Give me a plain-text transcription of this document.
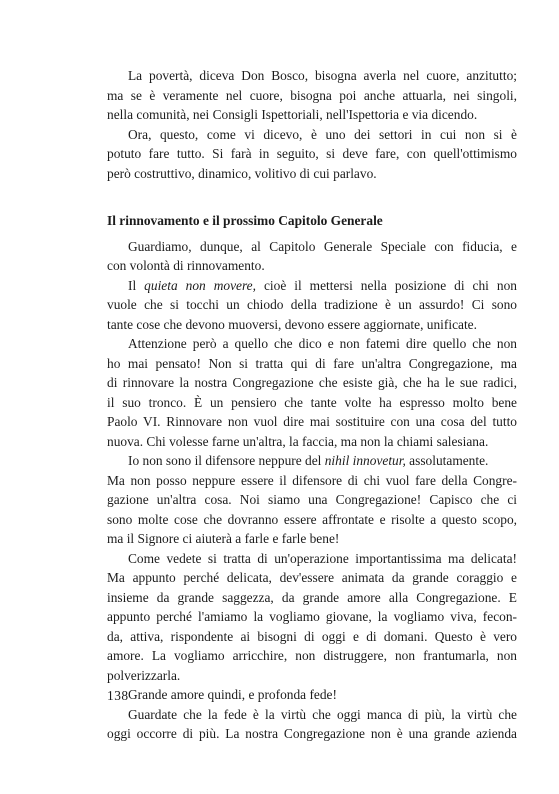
La povertà, diceva Don Bosco, bisogna averla nel cuore, anzitutto;
ma se è veramente nel cuore, bisogna poi anche attuarla, nei singoli,
nella comunità, nei Consigli Ispettoriali, nell'Ispettoria e via dicendo.
Ora, questo, come vi dicevo, è uno dei settori in cui non si è
potuto fare tutto. Si farà in seguito, si deve fare, con quell'ottimismo
però costruttivo, dinamico, volitivo di cui parlavo.
Il rinnovamento e il prossimo Capitolo Generale
Guardiamo, dunque, al Capitolo Generale Speciale con fiducia, e
con volontà di rinnovamento.
Il quieta non movere, cioè il mettersi nella posizione di chi non
vuole che si tocchi un chiodo della tradizione è un assurdo! Ci sono
tante cose che devono muoversi, devono essere aggiornate, unificate.
Attenzione però a quello che dico e non fatemi dire quello che non
ho mai pensato! Non si tratta qui di fare un'altra Congregazione, ma
di rinnovare la nostra Congregazione che esiste già, che ha le sue radici,
il suo tronco. È un pensiero che tante volte ha espresso molto bene
Paolo VI. Rinnovare non vuol dire mai sostituire con una cosa del tutto
nuova. Chi volesse farne un'altra, la faccia, ma non la chiami salesiana.
Io non sono il difensore neppure del nihil innovetur, assolutamente.
Ma non posso neppure essere il difensore di chi vuol fare della Congre-
gazione un'altra cosa. Noi siamo una Congregazione! Capisco che ci
sono molte cose che dovranno essere affrontate e risolte a questo scopo,
ma il Signore ci aiuterà a farle e farle bene!
Come vedete si tratta di un'operazione importantissima ma delicata!
Ma appunto perché delicata, dev'essere animata da grande coraggio e
insieme da grande saggezza, da grande amore alla Congregazione. E
appunto perché l'amiamo la vogliamo giovane, la vogliamo viva, fecon-
da, attiva, rispondente ai bisogni di oggi e di domani. Questo è vero
amore. La vogliamo arricchire, non distruggere, non frantumarla, non
polverizzarla.
Grande amore quindi, e profonda fede!
Guardate che la fede è la virtù che oggi manca di più, la virtù che
oggi occorre di più. La nostra Congregazione non è una grande azienda
138
